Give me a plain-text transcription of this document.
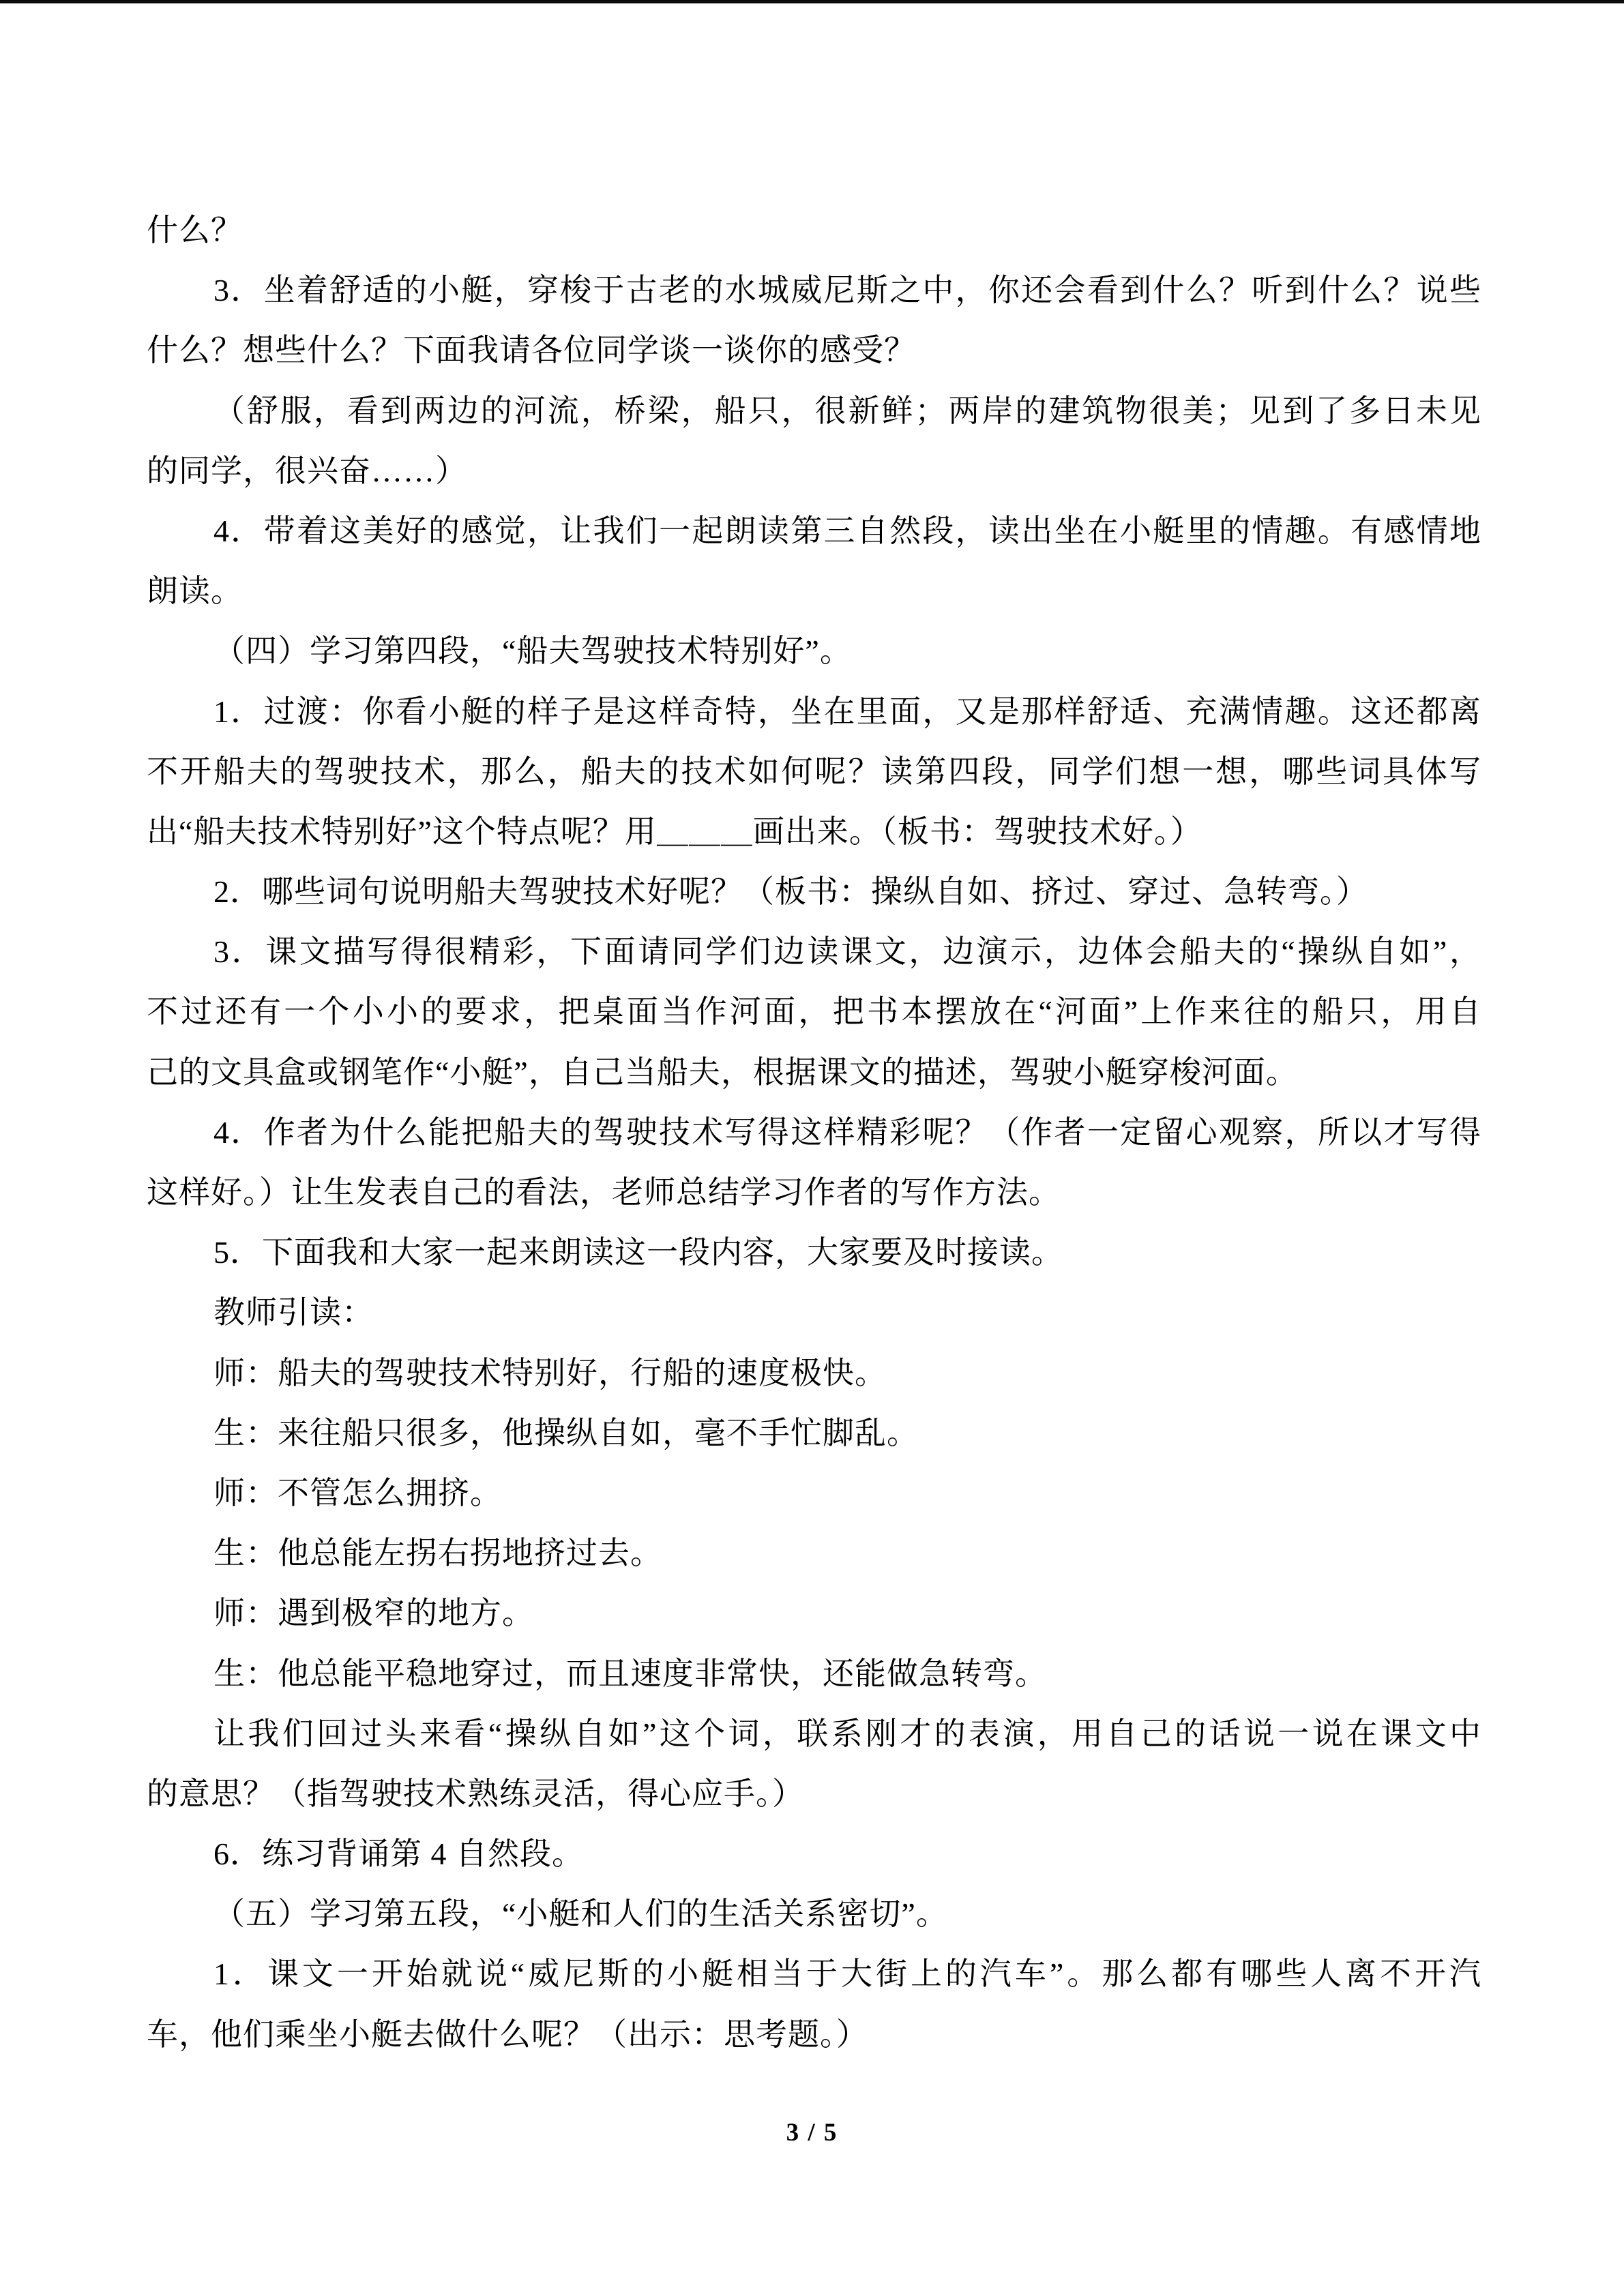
什么？
3．坐着舒适的小艇，穿梭于古老的水城威尼斯之中，你还会看到什么？听到什么？说些
什么？想些什么？下面我请各位同学谈一谈你的感受？
（舒服，看到两边的河流，桥梁，船只，很新鲜；两岸的建筑物很美；见到了多日未见
的同学，很兴奋……）
4．带着这美好的感觉，让我们一起朗读第三自然段，读出坐在小艇里的情趣。有感情地
朗读。
（四）学习第四段，“船夫驾驶技术特别好”。
1．过渡：你看小艇的样子是这样奇特，坐在里面，又是那样舒适、充满情趣。这还都离
不开船夫的驾驶技术，那么，船夫的技术如何呢？读第四段，同学们想一想，哪些词具体写
出“船夫技术特别好”这个特点呢？用＿＿＿画出来。（板书：驾驶技术好。）
2．哪些词句说明船夫驾驶技术好呢？（板书：操纵自如、挤过、穿过、急转弯。）
3．课文描写得很精彩，下面请同学们边读课文，边演示，边体会船夫的“操纵自如”，
不过还有一个小小的要求，把桌面当作河面，把书本摆放在“河面”上作来往的船只，用自
己的文具盒或钢笔作“小艇”，自己当船夫，根据课文的描述，驾驶小艇穿梭河面。
4．作者为什么能把船夫的驾驶技术写得这样精彩呢？（作者一定留心观察，所以才写得
这样好。）让生发表自己的看法，老师总结学习作者的写作方法。
5．下面我和大家一起来朗读这一段内容，大家要及时接读。
教师引读：
师：船夫的驾驶技术特别好，行船的速度极快。
生：来往船只很多，他操纵自如，毫不手忙脚乱。
师：不管怎么拥挤。
生：他总能左拐右拐地挤过去。
师：遇到极窄的地方。
生：他总能平稳地穿过，而且速度非常快，还能做急转弯。
让我们回过头来看“操纵自如”这个词，联系刚才的表演，用自己的话说一说在课文中
的意思？（指驾驶技术熟练灵活，得心应手。）
6．练习背诵第 4 自然段。
（五）学习第五段，“小艇和人们的生活关系密切”。
1．课文一开始就说“威尼斯的小艇相当于大街上的汽车”。那么都有哪些人离不开汽
车，他们乘坐小艇去做什么呢？（出示：思考题。）
3 / 5
